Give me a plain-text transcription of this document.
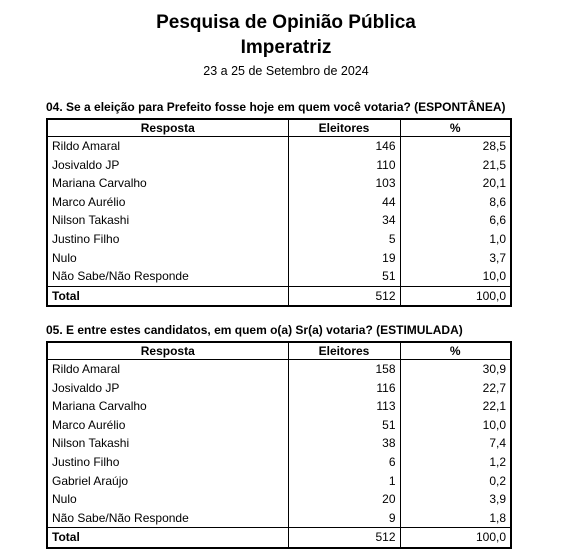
Pesquisa de Opinião Pública
Imperatriz
23 a 25 de Setembro de 2024
04. Se a eleição para Prefeito fosse hoje em quem você votaria? (ESPONTÂNEA)
Resposta	Eleitores	%
Rildo Amaral	146	28,5
Josivaldo JP	110	21,5
Mariana Carvalho	103	20,1
Marco Aurélio	44	8,6
Nilson Takashi	34	6,6
Justino Filho	5	1,0
Nulo	19	3,7
Não Sabe/Não Responde	51	10,0
Total	512	100,0
05. E entre estes candidatos, em quem o(a) Sr(a) votaria? (ESTIMULADA)
Resposta	Eleitores	%
Rildo Amaral	158	30,9
Josivaldo JP	116	22,7
Mariana Carvalho	113	22,1
Marco Aurélio	51	10,0
Nilson Takashi	38	7,4
Justino Filho	6	1,2
Gabriel Araújo	1	0,2
Nulo	20	3,9
Não Sabe/Não Responde	9	1,8
Total	512	100,0
